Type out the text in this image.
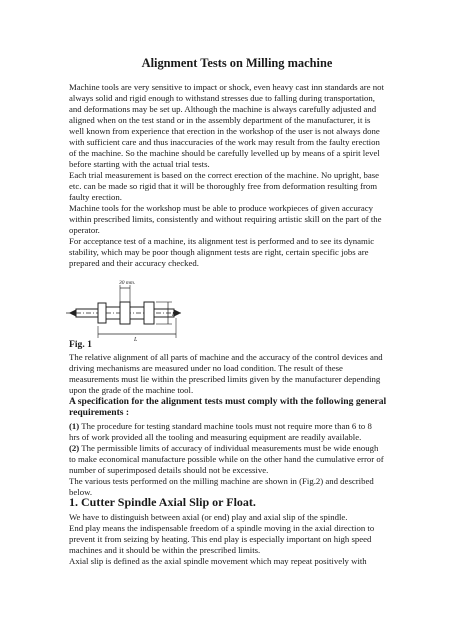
Alignment Tests on Milling machine
Machine tools are very sensitive to impact or shock, even heavy cast inn standards are not
always solid and rigid enough to withstand stresses due to falling during transportation,
and deformations may be set up. Although the machine is always carefully adjusted and
aligned when on the test stand or in the assembly department of the manufacturer, it is
well known from experience that erection in the workshop of the user is not always done
with sufficient care and thus inaccuracies of the work may result from the faulty erection
of the machine. So the machine should be carefully levelled up by means of a spirit level
before starting with the actual trial tests.
Each trial measurement is based on the correct erection of the machine. No upright, base
etc. can be made so rigid that it will be thoroughly free from deformation resulting from
faulty erection.
Machine tools for the workshop must be able to produce workpieces of given accuracy
within prescribed limits, consistently and without requiring artistic skill on the part of the
operator.
For acceptance test of a machine, its alignment test is performed and to see its dynamic
stability, which may be poor though alignment tests are right, certain specific jobs are
prepared and their accuracy checked.
30 mm.
D
L
Fig. 1
The relative alignment of all parts of machine and the accuracy of the control devices and
driving mechanisms are measured under no load condition. The result of these
measurements must lie within the prescribed limits given by the manufacturer depending
upon the grade of the machine tool.
A specification for the alignment tests must comply with the following general
requirements :
(1) The procedure for testing standard machine tools must not require more than 6 to 8
hrs of work provided all the tooling and measuring equipment are readily available.
(2) The permissible limits of accuracy of individual measurements must be wide enough
to make economical manufacture possible while on the other hand the cumulative error of
number of superimposed details should not be excessive.
The various tests performed on the milling machine are shown in (Fig.2) and described
below.
1. Cutter Spindle Axial Slip or Float.
We have to distinguish between axial (or end) play and axial slip of the spindle.
End play means the indispensable freedom of a spindle moving in the axial direction to
prevent it from seizing by heating. This end play is especially important on high speed
machines and it should be within the prescribed limits.
Axial slip is defined as the axial spindle movement which may repeat positively with
